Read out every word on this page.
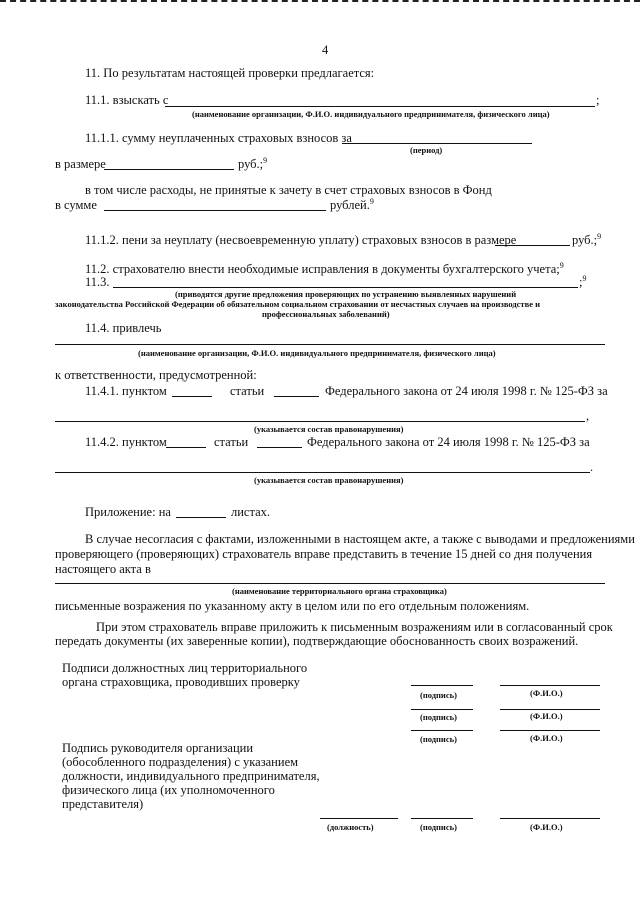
4
11. По результатам настоящей проверки предлагается:
11.1. взыскать с	;
(наименование организации, Ф.И.О. индивидуального предпринимателя, физического лица)
11.1.1. сумму неуплаченных страховых взносов за
(период)
в размере	руб.;$^9$
в том числе расходы, не принятые к зачету в счет страховых взносов в Фонд
в сумме	рублей.$^9$
11.1.2. пени за неуплату (несвоевременную уплату) страховых взносов в размере	руб.;$^9$
11.2. страхователю внести необходимые исправления в документы бухгалтерского учета;$^9$
11.3.	;$^9$
(приводятся другие предложения проверяющих по устранению выявленных нарушений
законодательства Российской Федерации об обязательном социальном страховании от несчастных случаев на производстве и
профессиональных заболеваний)
11.4. привлечь
(наименование организации, Ф.И.О. индивидуального предпринимателя, физического лица)
к ответственности, предусмотренной:
11.4.1. пунктом	статьи	Федерального закона от 24 июля 1998 г. № 125-ФЗ за
,
(указывается состав правонарушения)
11.4.2. пунктом	статьи	Федерального закона от 24 июля 1998 г. № 125-ФЗ за
.
(указывается состав правонарушения)
Приложение: на	листах.
В случае несогласия с фактами, изложенными в настоящем акте, а также с выводами и предложениями
проверяющего (проверяющих) страхователь вправе представить в течение 15 дней со дня получения
настоящего акта в
(наименование территориального органа страховщика)
письменные возражения по указанному акту в целом или по его отдельным положениям.
При этом страхователь вправе приложить к письменным возражениям или в согласованный срок
передать документы (их заверенные копии), подтверждающие обоснованность своих возражений.
Подписи должностных лиц территориального
органа страховщика, проводивших проверку
(подпись)	(Ф.И.О.)
(подпись)	(Ф.И.О.)
(подпись)	(Ф.И.О.)
Подпись руководителя организации
(обособленного подразделения) с указанием
должности, индивидуального предпринимателя,
физического лица (их уполномоченного
представителя)
(должность)	(подпись)	(Ф.И.О.)
